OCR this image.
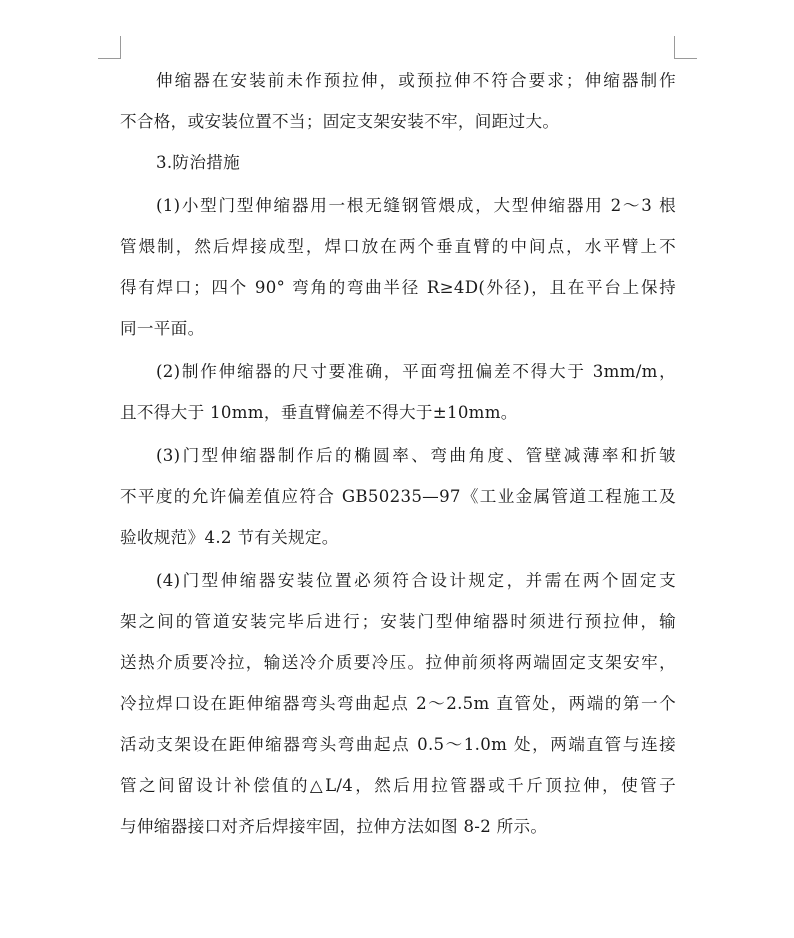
伸缩器在安装前未作预拉伸，或预拉伸不符合要求；伸缩器制作
不合格，或安装位置不当；固定支架安装不牢，间距过大。
3.防治措施
(1)小型门型伸缩器用一根无缝钢管煨成，大型伸缩器用 2～3 根
管煨制，然后焊接成型，焊口放在两个垂直臂的中间点，水平臂上不
得有焊口；四个 90° 弯角的弯曲半径 R≥4D(外径)，且在平台上保持
同一平面。
(2)制作伸缩器的尺寸要准确，平面弯扭偏差不得大于 3mm/m，
且不得大于 10mm，垂直臂偏差不得大于±10mm。
(3)门型伸缩器制作后的椭圆率、弯曲角度、管壁减薄率和折皱
不平度的允许偏差值应符合 GB50235—97《工业金属管道工程施工及
验收规范》4.2 节有关规定。
(4)门型伸缩器安装位置必须符合设计规定，并需在两个固定支
架之间的管道安装完毕后进行；安装门型伸缩器时须进行预拉伸，输
送热介质要冷拉，输送冷介质要冷压。拉伸前须将两端固定支架安牢，
冷拉焊口设在距伸缩器弯头弯曲起点 2～2.5m 直管处，两端的第一个
活动支架设在距伸缩器弯头弯曲起点 0.5～1.0m 处，两端直管与连接
管之间留设计补偿值的△L/4，然后用拉管器或千斤顶拉伸，使管子
与伸缩器接口对齐后焊接牢固，拉伸方法如图 8-2 所示。
